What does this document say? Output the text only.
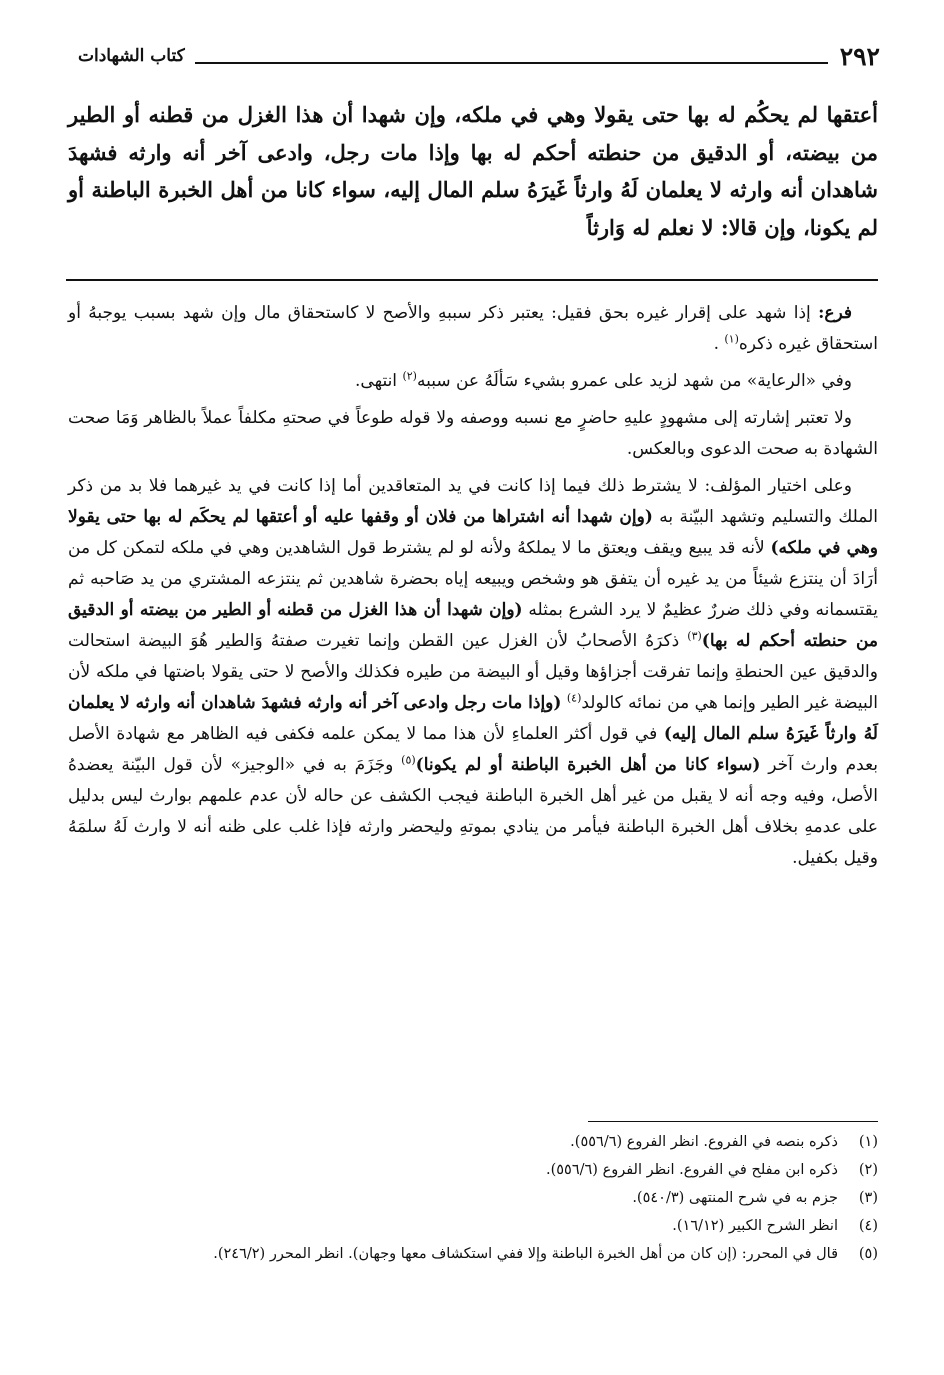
٢٩٢
كتاب الشهادات

أعتقها لم يحكُم له بها حتى يقولا وهي في ملكه، وإن شهدا أن هذا الغزل من قطنه أو الطير من بيضته، أو الدقيق من حنطته أحكم له بها وإذا مات رجل، وادعى آخر أنه وارثه فشهدَ شاهدان أنه وارثه لا يعلمان لَهُ وارثاً غَيرَهُ سلم المال إليه، سواء كانا من أهل الخبرة الباطنة أو لم يكونا، وإن قالا: لا نعلم له وَارثاً

فرع: إذا شهد على إقرار غيره بحق فقيل: يعتبر ذكر سببهِ والأصح لا كاستحقاق مال وإن شهد بسبب يوجبهُ أو استحقاق غيره ذكره$^{(١)}$ .

وفي «الرعاية» من شهد لزيد على عمرو بشيء سَألَهُ عن سببه$^{(٢)}$ انتهى.

ولا تعتبر إشارته إلى مشهودٍ عليهِ حاضرٍ مع نسبه ووصفه ولا قوله طوعاً في صحتهِ مكلفاً عملاً بالظاهر وَمَا صحت الشهادة به صحت الدعوى وبالعكس.

وعلى اختيار المؤلف: لا يشترط ذلك فيما إذا كانت في يد المتعاقدين أما إذا كانت في يد غيرهما فلا بد من ذكر الملك والتسليم وتشهد البيّنة به (وإن شهدا أنه اشتراها من فلان أو وقفها عليه أو أعتقها لم يحكَم له بها حتى يقولا وهي في ملكه) لأنه قد يبيع ويقف ويعتق ما لا يملكهُ ولأنه لو لم يشترط قول الشاهدين وهي في ملكه لتمكن كل من أرَادَ أن ينتزع شيئاً من يد غيره أن يتفق هو وشخص ويبيعه إياه بحضرة شاهدين ثم ينتزعه المشتري من يد صَاحبه ثم يقتسمانه وفي ذلك ضررٌ عظيمٌ لا يرد الشرع بمثله (وإن شهدا أن هذا الغزل من قطنه أو الطير من بيضته أو الدقيق من حنطته أحكم له بها)$^{(٣)}$ ذكرَهُ الأصحابُ لأن الغزل عين القطن وإنما تغيرت صفتهُ وَالطير هُوَ البيضة استحالت والدقيق عين الحنطةِ وإنما تفرقت أجزاؤها وقيل أو البيضة من طيره فكذلك والأصح لا حتى يقولا باضتها في ملكه لأن البيضة غير الطير وإنما هي من نمائه كالولد$^{(٤)}$ (وإذا مات رجل وادعى آخر أنه وارثه فشهدَ شاهدان أنه وارثه لا يعلمان لَهُ وارثاً غَيرَهُ سلم المال إليه) في قول أكثر العلماءِ لأن هذا مما لا يمكن علمه فكفى فيه الظاهر مع شهادة الأصل بعدم وارث آخر (سواء كانا من أهل الخبرة الباطنة أو لم يكونا)$^{(٥)}$ وجَزَمَ به في «الوجيز» لأن قول البيّنة يعضدهُ الأصل، وفيه وجه أنه لا يقبل من غير أهل الخبرة الباطنة فيجب الكشف عن حاله لأن عدم علمهم بوارث ليس بدليل على عدمهِ بخلاف أهل الخبرة الباطنة فيأمر من ينادي بموتهِ وليحضر وارثه فإذا غلب على ظنه أنه لا وارث لَهُ سلمَهُ وقيل بكفيل.

(١)
ذكره بنصه في الفروع. انظر الفروع (٥٥٦/٦).
(٢)
ذكره ابن مفلح في الفروع. انظر الفروع (٥٥٦/٦).
(٣)
جزم به في شرح المنتهى (٥٤٠/٣).
(٤)
انظر الشرح الكبير (١٦/١٢).
(٥)
قال في المحرر: (إن كان من أهل الخبرة الباطنة وإلا ففي استكشاف معها وجهان). انظر المحرر (٢٤٦/٢).
